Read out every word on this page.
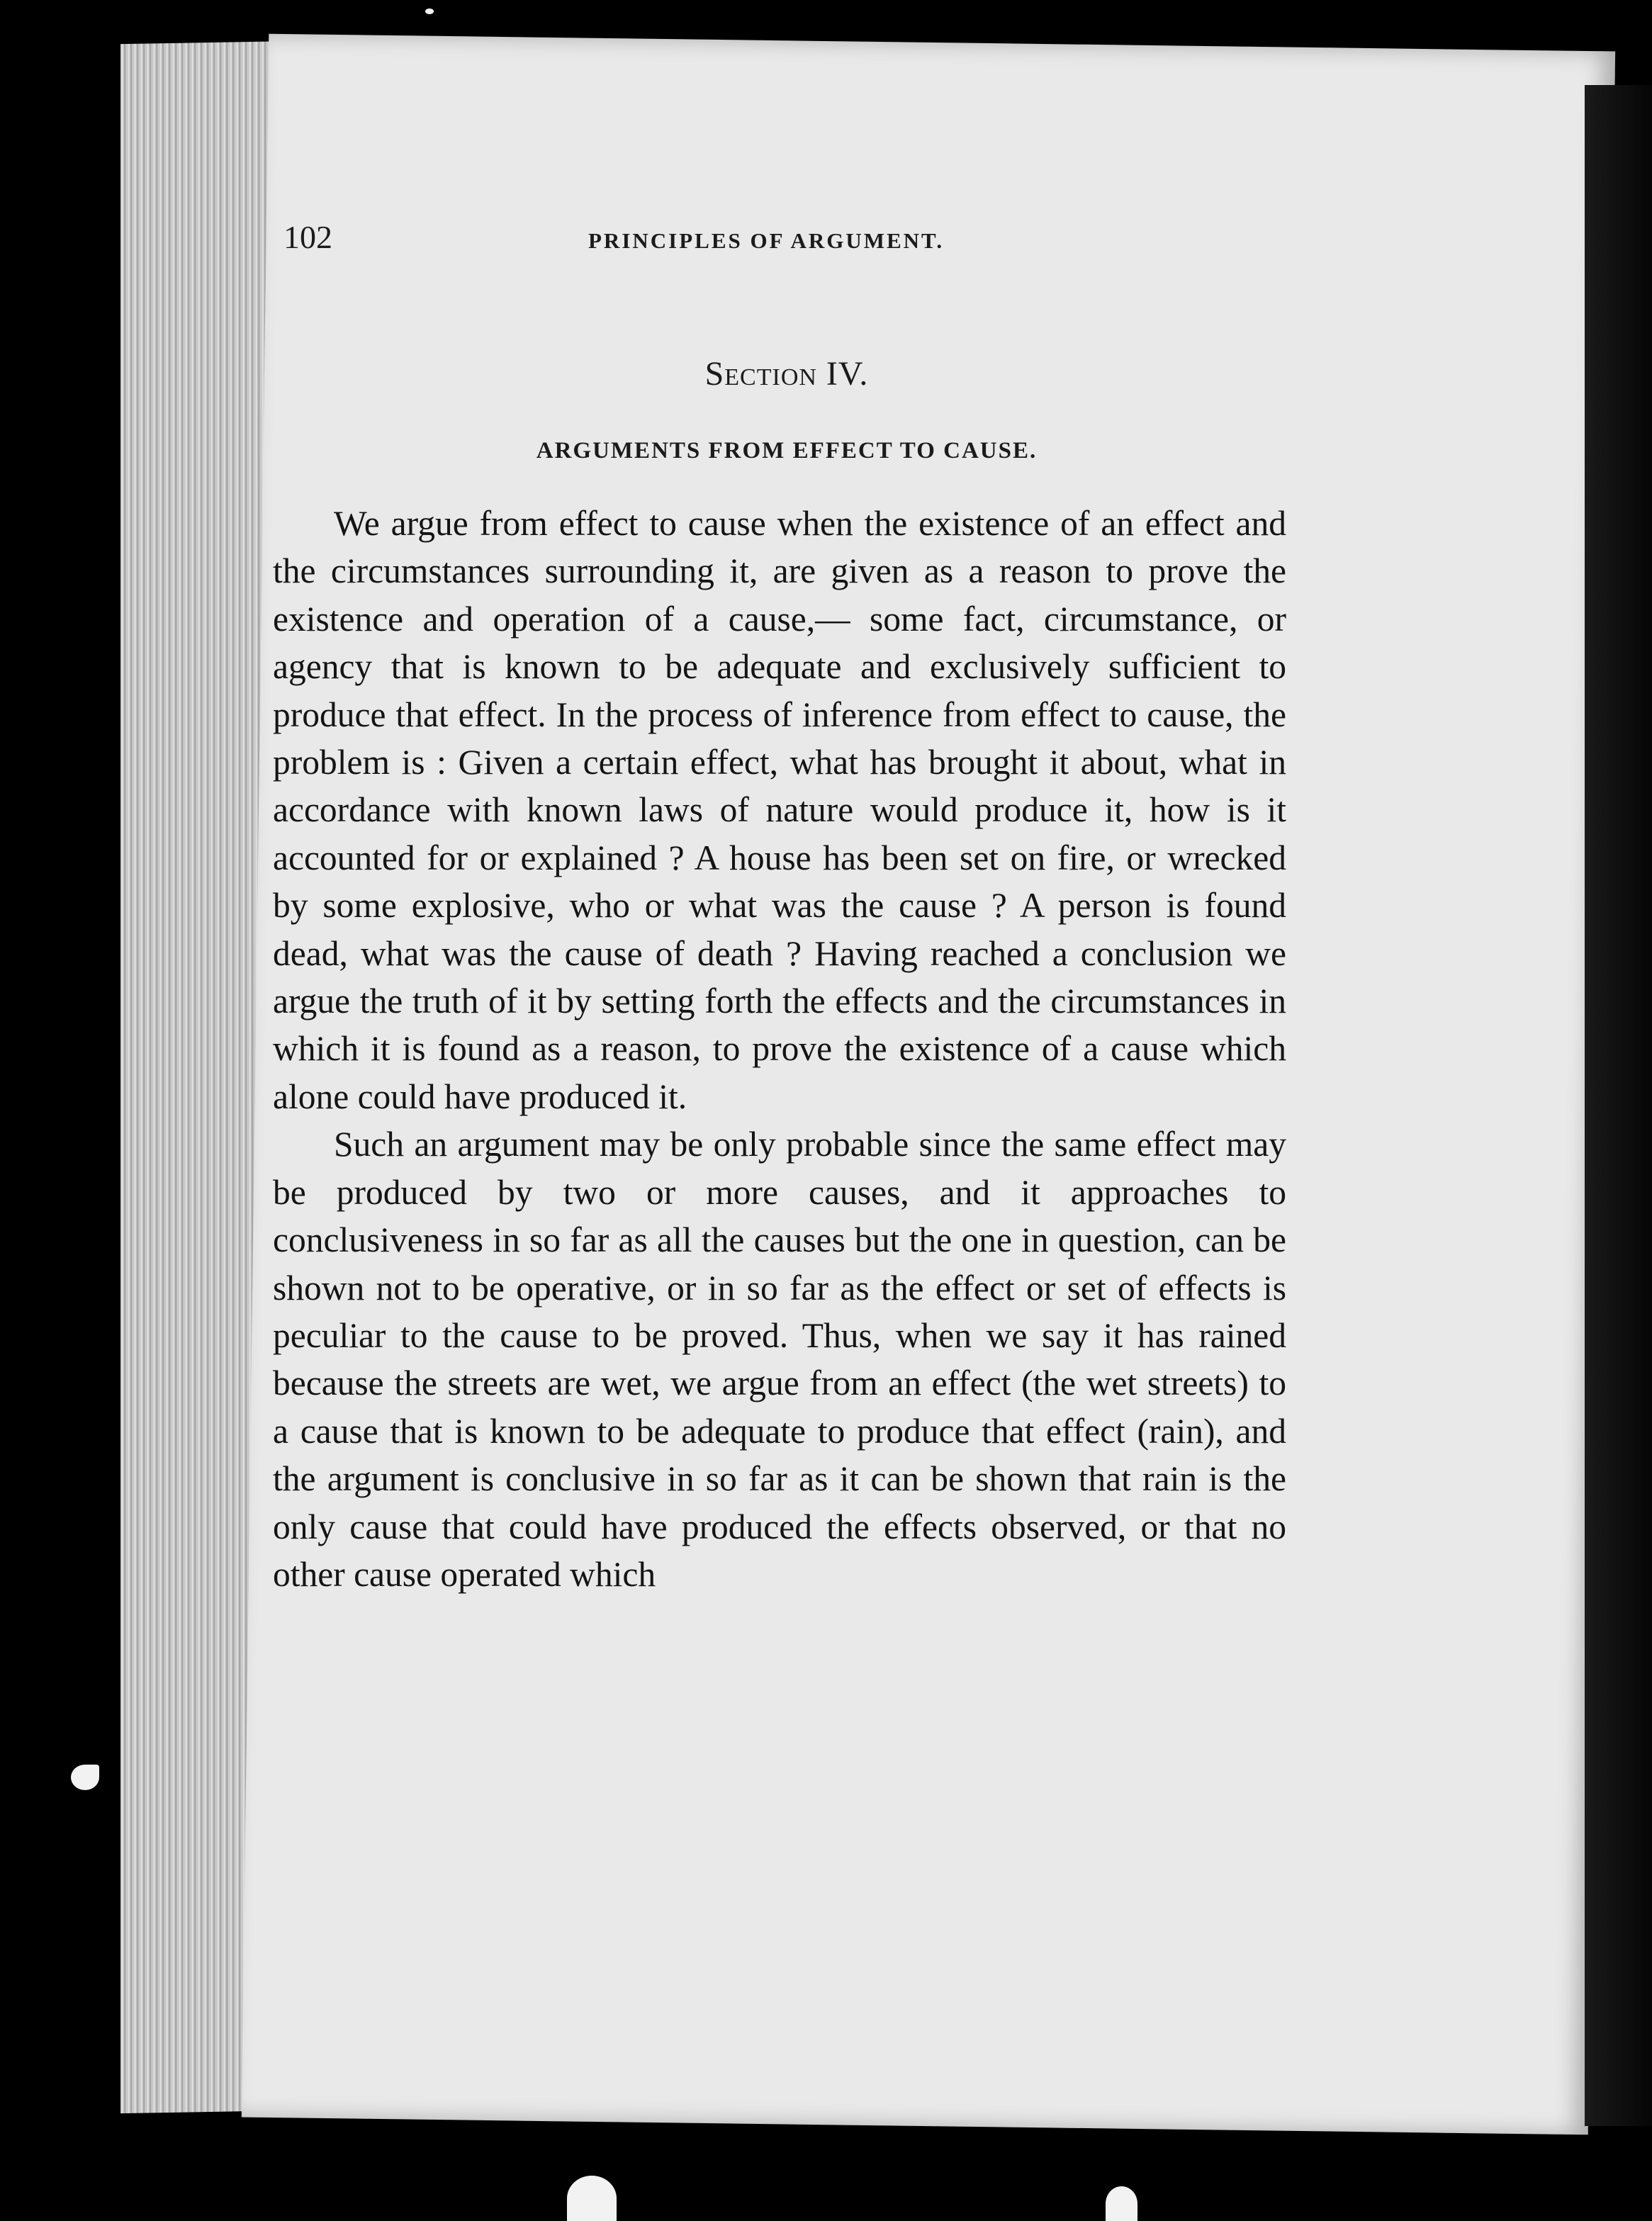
102	PRINCIPLES OF ARGUMENT.
Section IV.
ARGUMENTS FROM EFFECT TO CAUSE.

We argue from effect to cause when the existence of an effect and the circumstances surrounding it, are given as a reason to prove the existence and operation of a cause,— some fact, circumstance, or agency that is known to be adequate and exclusively sufficient to produce that effect. In the process of inference from effect to cause, the problem is : Given a certain effect, what has brought it about, what in accordance with known laws of nature would produce it, how is it accounted for or explained ? A house has been set on fire, or wrecked by some explosive, who or what was the cause ? A person is found dead, what was the cause of death ? Having reached a conclusion we argue the truth of it by setting forth the effects and the circumstances in which it is found as a reason, to prove the existence of a cause which alone could have produced it.

Such an argument may be only probable since the same effect may be produced by two or more causes, and it approaches to conclusiveness in so far as all the causes but the one in question, can be shown not to be operative, or in so far as the effect or set of effects is peculiar to the cause to be proved. Thus, when we say it has rained because the streets are wet, we argue from an effect (the wet streets) to a cause that is known to be adequate to produce that effect (rain), and the argument is conclusive in so far as it can be shown that rain is the only cause that could have produced the effects observed, or that no other cause operated which
